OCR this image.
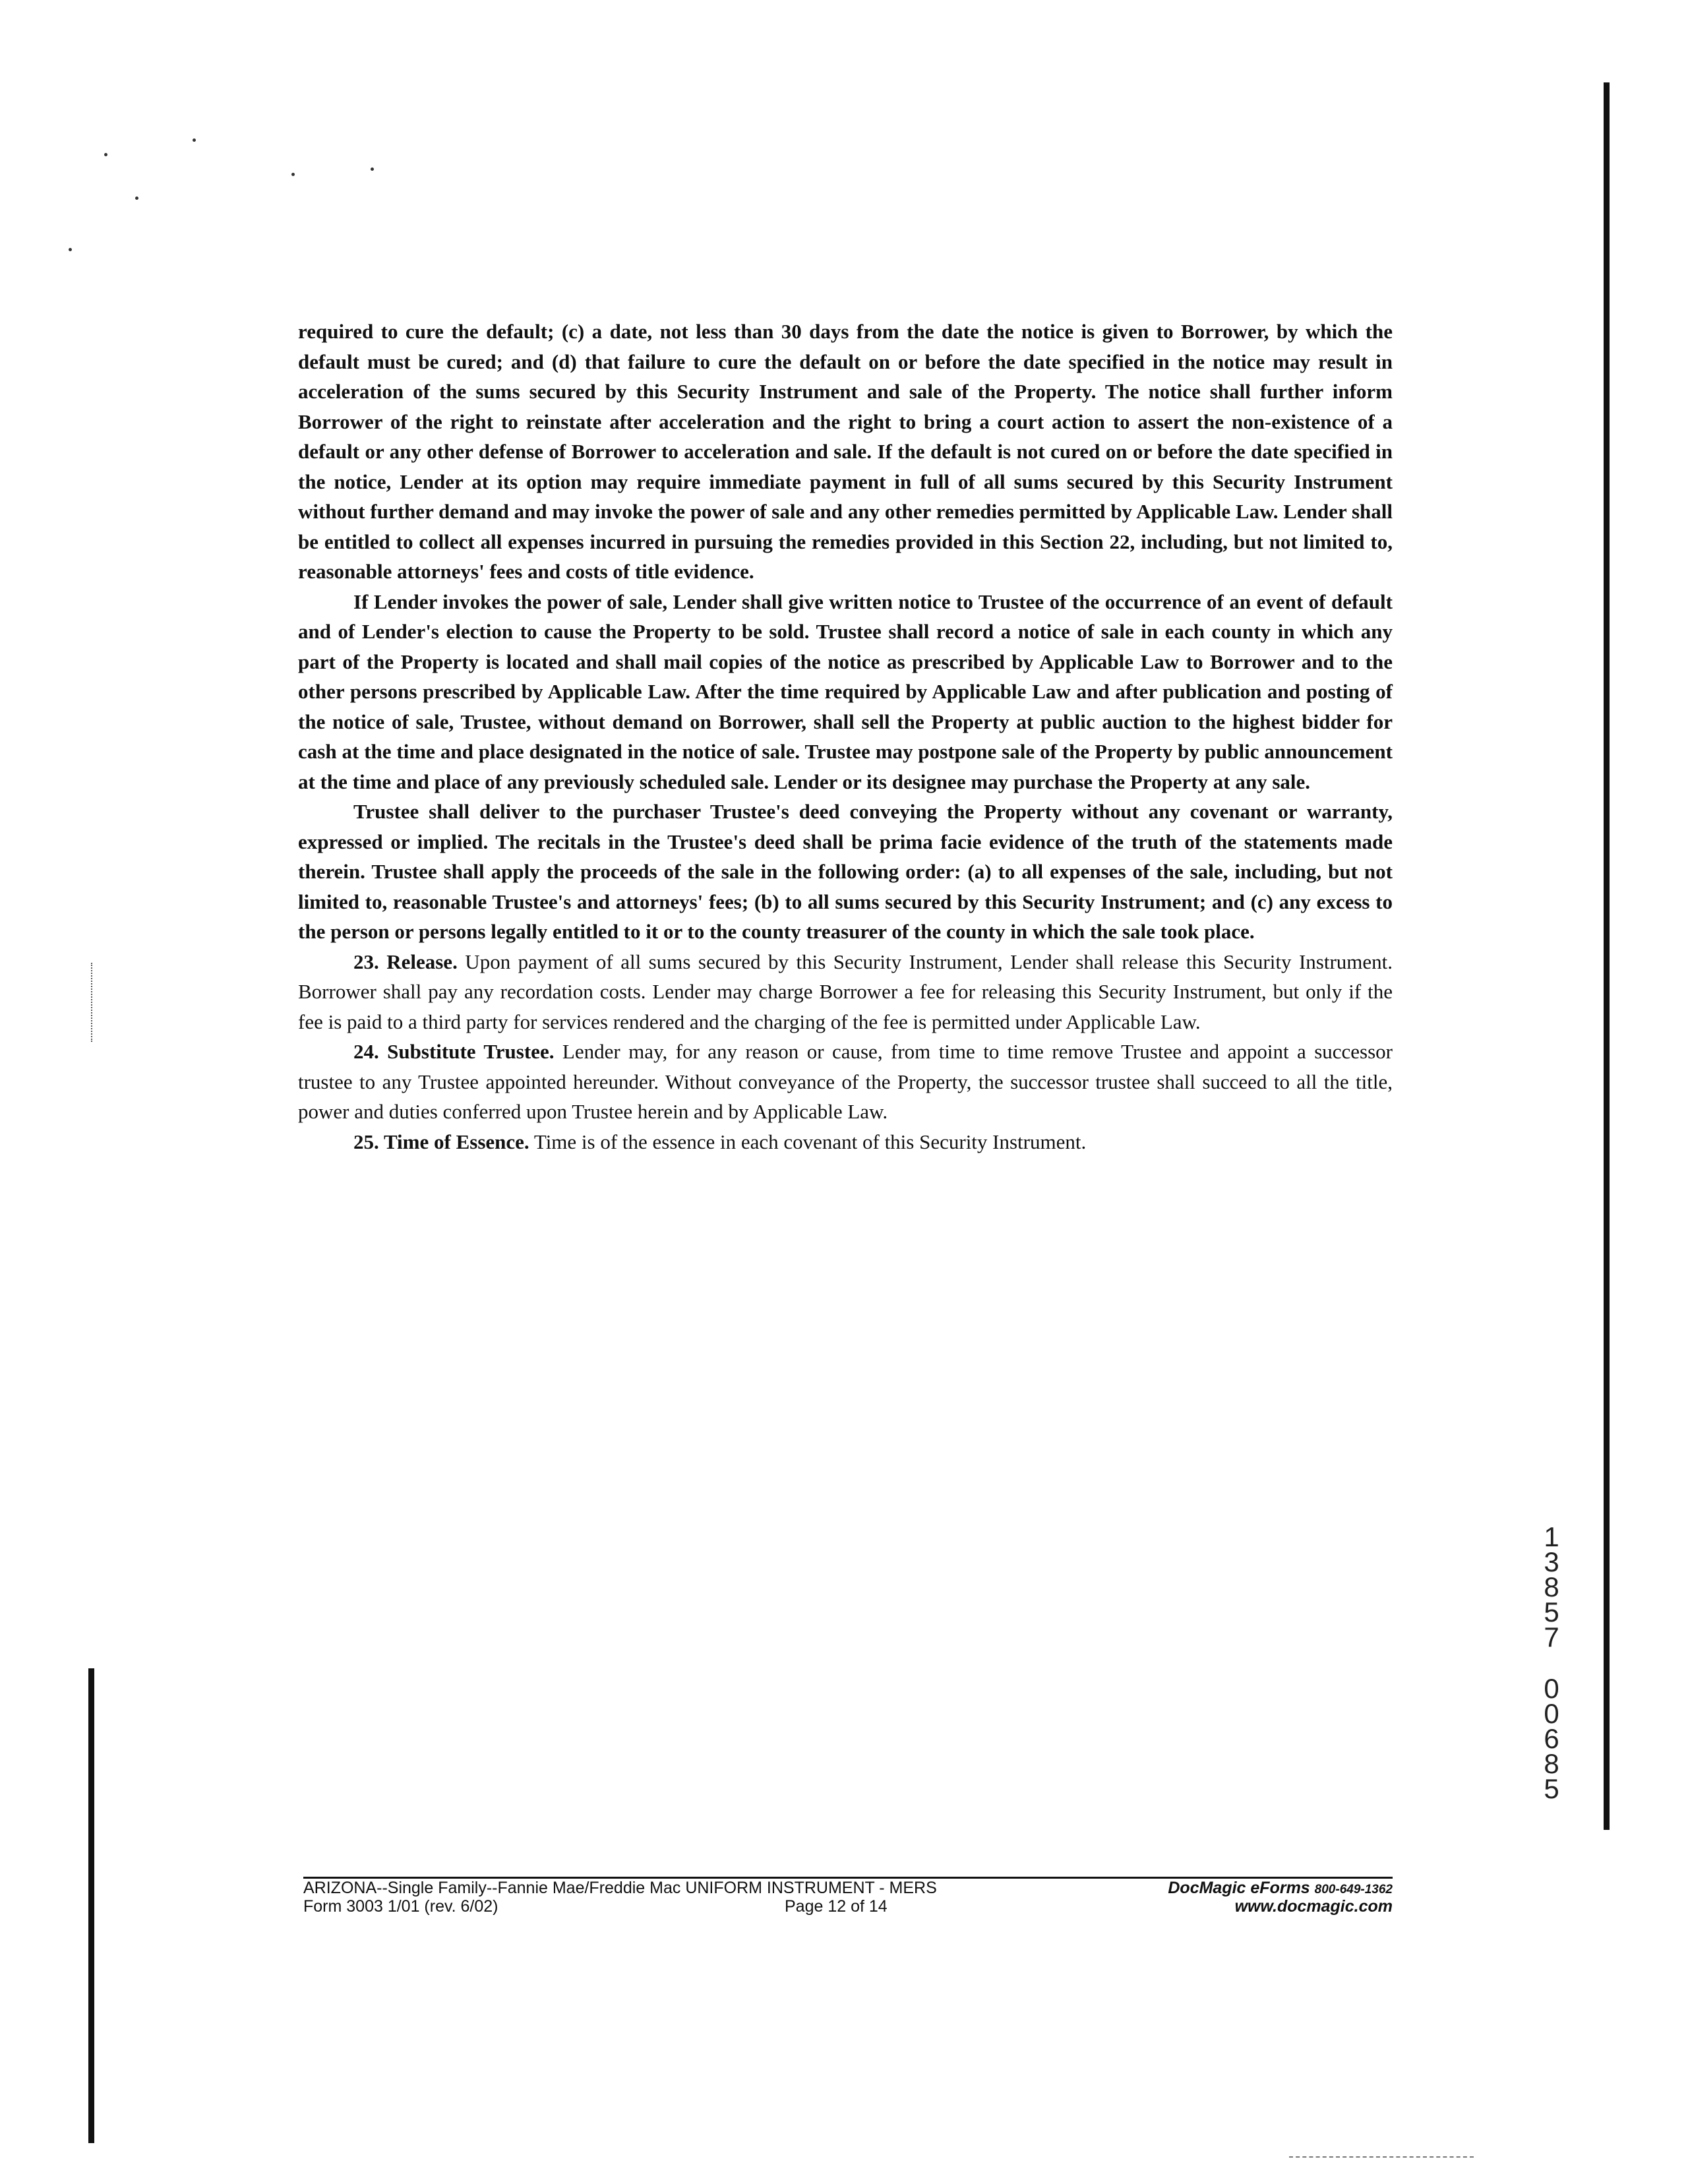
required to cure the default; (c) a date, not less than 30 days from the date the notice is given to Borrower, by which the default must be cured; and (d) that failure to cure the default on or before the date specified in the notice may result in acceleration of the sums secured by this Security Instrument and sale of the Property. The notice shall further inform Borrower of the right to reinstate after acceleration and the right to bring a court action to assert the non-existence of a default or any other defense of Borrower to acceleration and sale. If the default is not cured on or before the date specified in the notice, Lender at its option may require immediate payment in full of all sums secured by this Security Instrument without further demand and may invoke the power of sale and any other remedies permitted by Applicable Law. Lender shall be entitled to collect all expenses incurred in pursuing the remedies provided in this Section 22, including, but not limited to, reasonable attorneys' fees and costs of title evidence.

If Lender invokes the power of sale, Lender shall give written notice to Trustee of the occurrence of an event of default and of Lender's election to cause the Property to be sold. Trustee shall record a notice of sale in each county in which any part of the Property is located and shall mail copies of the notice as prescribed by Applicable Law to Borrower and to the other persons prescribed by Applicable Law. After the time required by Applicable Law and after publication and posting of the notice of sale, Trustee, without demand on Borrower, shall sell the Property at public auction to the highest bidder for cash at the time and place designated in the notice of sale. Trustee may postpone sale of the Property by public announcement at the time and place of any previously scheduled sale. Lender or its designee may purchase the Property at any sale.

Trustee shall deliver to the purchaser Trustee's deed conveying the Property without any covenant or warranty, expressed or implied. The recitals in the Trustee's deed shall be prima facie evidence of the truth of the statements made therein. Trustee shall apply the proceeds of the sale in the following order: (a) to all expenses of the sale, including, but not limited to, reasonable Trustee's and attorneys' fees; (b) to all sums secured by this Security Instrument; and (c) any excess to the person or persons legally entitled to it or to the county treasurer of the county in which the sale took place.

23. Release. Upon payment of all sums secured by this Security Instrument, Lender shall release this Security Instrument. Borrower shall pay any recordation costs. Lender may charge Borrower a fee for releasing this Security Instrument, but only if the fee is paid to a third party for services rendered and the charging of the fee is permitted under Applicable Law.

24. Substitute Trustee. Lender may, for any reason or cause, from time to time remove Trustee and appoint a successor trustee to any Trustee appointed hereunder. Without conveyance of the Property, the successor trustee shall succeed to all the title, power and duties conferred upon Trustee herein and by Applicable Law.

25. Time of Essence. Time is of the essence in each covenant of this Security Instrument.

1
3
8
5
7
0
0
6
8
5
ARIZONA--Single Family--Fannie Mae/Freddie Mac UNIFORM INSTRUMENT - MERS	DocMagic eForms 800-649-1362
Form 3003 1/01 (rev. 6/02)	Page 12 of 14	www.docmagic.com
